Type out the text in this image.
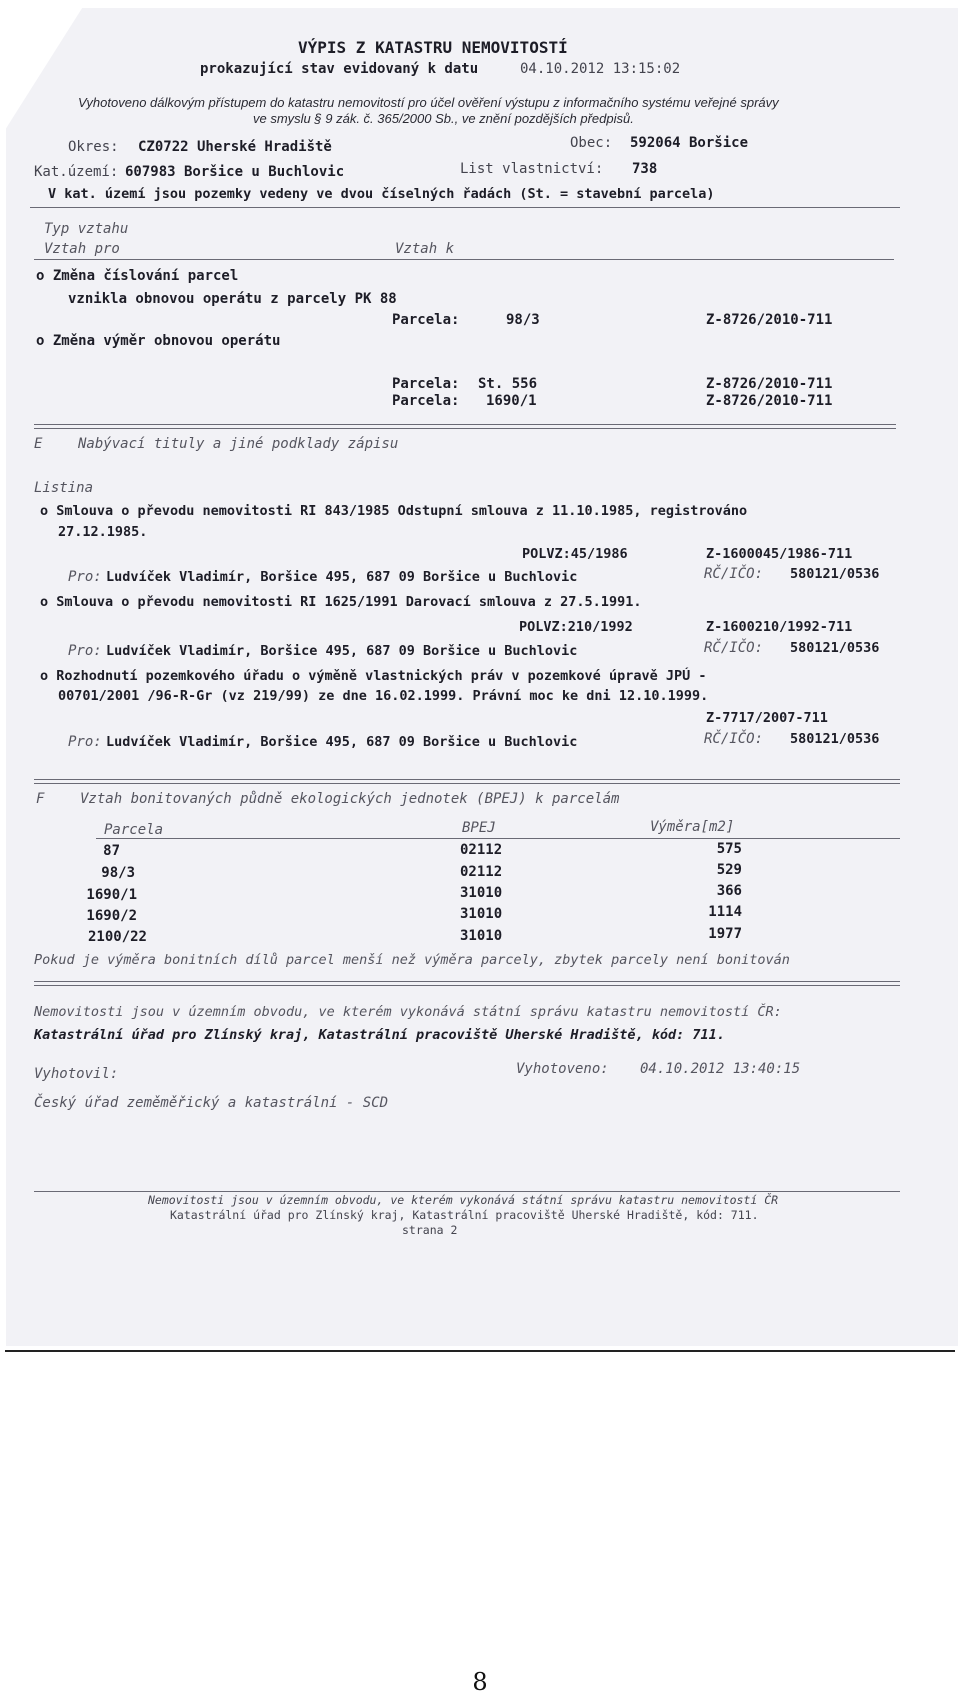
VÝPIS Z KATASTRU NEMOVITOSTÍ
prokazující stav evidovaný k datu	04.10.2012 13:15:02
Vyhotoveno dálkovým přístupem do katastru nemovitostí pro účel ověření výstupu z informačního systému veřejné správy
ve smyslu § 9 zák. č. 365/2000 Sb., ve znění pozdějších předpisů.
Okres: CZ0722 Uherské Hradiště	Obec: 592064 Boršice
Kat.území: 607983 Boršice u Buchlovic	List vlastnictví: 738
V kat. území jsou pozemky vedeny ve dvou číselných řadách (St. = stavební parcela)
Typ vztahu
Vztah pro	Vztah k
o Změna číslování parcel
vznikla obnovou operátu z parcely PK 88
Parcela:	98/3	Z-8726/2010-711
o Změna výměr obnovou operátu
Parcela: St. 556	Z-8726/2010-711
Parcela: 1690/1	Z-8726/2010-711
E	Nabývací tituly a jiné podklady zápisu
Listina
o Smlouva o převodu nemovitosti RI 843/1985 Odstupní smlouva z 11.10.1985, registrováno
27.12.1985.
POLVZ:45/1986	Z-1600045/1986-711
Pro: Ludvíček Vladimír, Boršice 495, 687 09 Boršice u Buchlovic	RČ/IČO: 580121/0536
o Smlouva o převodu nemovitosti RI 1625/1991 Darovací smlouva z 27.5.1991.
POLVZ:210/1992	Z-1600210/1992-711
Pro: Ludvíček Vladimír, Boršice 495, 687 09 Boršice u Buchlovic	RČ/IČO: 580121/0536
o Rozhodnutí pozemkového úřadu o výměně vlastnických práv v pozemkové úpravě JPÚ -
00701/2001 /96-R-Gr (vz 219/99) ze dne 16.02.1999. Právní moc ke dni 12.10.1999.
Z-7717/2007-711
Pro: Ludvíček Vladimír, Boršice 495, 687 09 Boršice u Buchlovic	RČ/IČO: 580121/0536
F	Vztah bonitovaných půdně ekologických jednotek (BPEJ) k parcelám
Parcela	BPEJ	Výměra[m2]
87	02112	575
98/3	02112	529
1690/1	31010	366
1690/2	31010	1114
2100/22	31010	1977
Pokud je výměra bonitních dílů parcel menší než výměra parcely, zbytek parcely není bonitován
Nemovitosti jsou v územním obvodu, ve kterém vykonává státní správu katastru nemovitostí ČR:
Katastrální úřad pro Zlínský kraj, Katastrální pracoviště Uherské Hradiště, kód: 711.
Vyhotovil:	Vyhotoveno: 04.10.2012 13:40:15
Český úřad zeměměřický a katastrální - SCD
Nemovitosti jsou v územním obvodu, ve kterém vykonává státní správu katastru nemovitostí ČR
Katastrální úřad pro Zlínský kraj, Katastrální pracoviště Uherské Hradiště, kód: 711.
strana 2
8
